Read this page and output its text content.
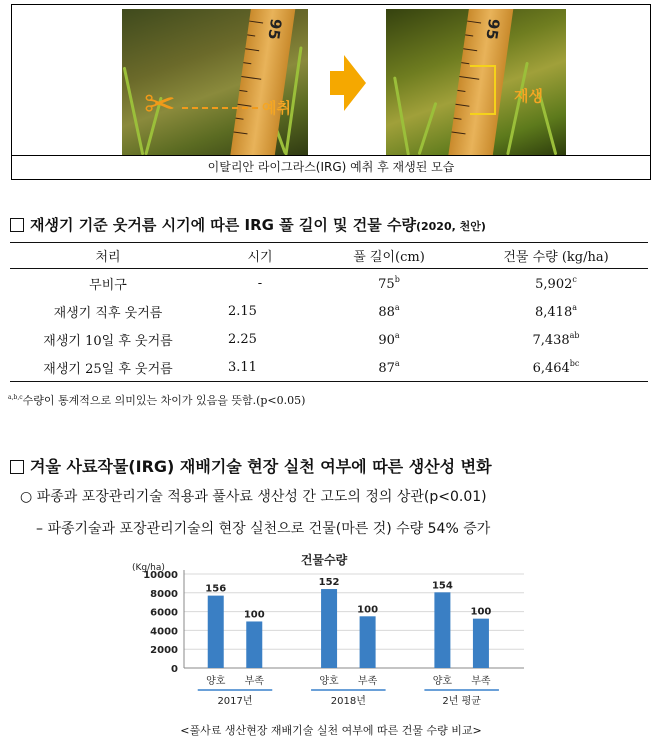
95
✂	예취
95
재생
이탈리안 라이그라스(IRG) 예취 후 재생된 모습
재생기 기준 웃거름 시기에 따른 IRG 풀 길이 및 건물 수량(2020, 천안)
처리	시기	풀 길이(cm)	건물 수량 (kg/ha)
무비구	-	75$^b$	5,902$^c$
재생기 직후 웃거름	2.15	88$^a$	8,418$^a$
재생기 10일 후 웃거름	2.25	90$^a$	7,438$^{ab}$
재생기 25일 후 웃거름	3.11	87$^a$	6,464$^{bc}$
$^{a,b,c}$수량이 통계적으로 의미있는 차이가 있음을 뜻함.(p<0.05)
겨울 사료작물(IRG) 재배기술 현장 실천 여부에 따른 생산성 변화
○ 파종과 포장관리기술 적용과 풀사료 생산성 간 고도의 정의 상관(p<0.01)
– 파종기술과 포장관리기술의 현장 실천으로 건물(마른 것) 수량 54% 증가
건물수량
(Kg/ha)
0
2000
4000
6000
8000
10000
156
양호
100
부족
2017년
152
양호
100
부족
2018년
154
양호
100
부족
2년 평균
<풀사료 생산현장 재배기술 실천 여부에 따른 건물 수량 비교>
